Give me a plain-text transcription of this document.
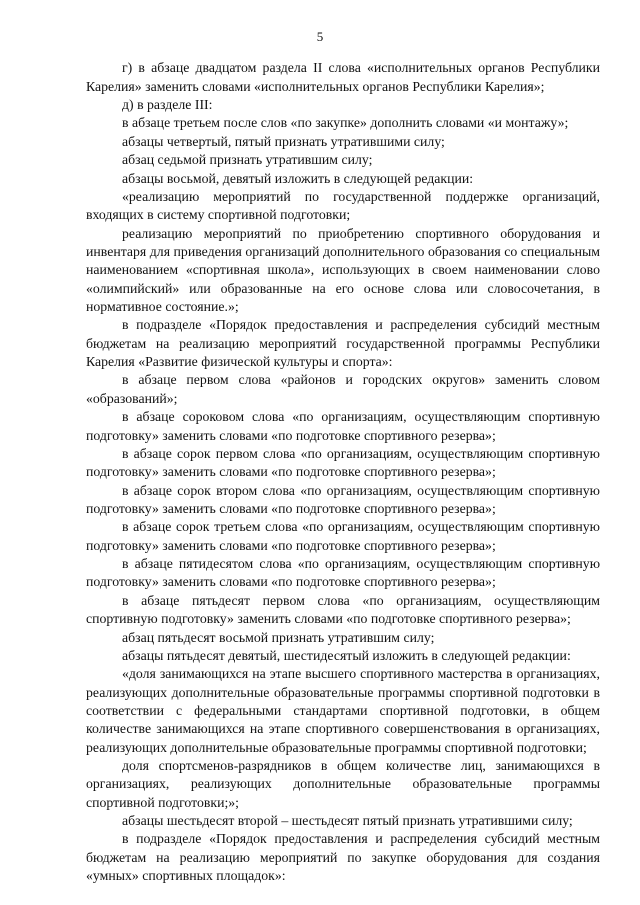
5

г) в абзаце двадцатом раздела II слова «исполнительных органов Республики Карелия» заменить словами «исполнительных органов Республики Карелия»;

д) в разделе III:

в абзаце третьем после слов «по закупке» дополнить словами «и монтажу»;

абзацы четвертый, пятый признать утратившими силу;

абзац седьмой признать утратившим силу;

абзацы восьмой, девятый изложить в следующей редакции:

«реализацию мероприятий по государственной поддержке организаций, входящих в систему спортивной подготовки;

реализацию мероприятий по приобретению спортивного оборудования и инвентаря для приведения организаций дополнительного образования со специальным наименованием «спортивная школа», использующих в своем наименовании слово «олимпийский» или образованные на его основе слова или словосочетания, в нормативное состояние.»;

в подразделе «Порядок предоставления и распределения субсидий местным бюджетам на реализацию мероприятий государственной программы Республики Карелия «Развитие физической культуры и спорта»:

в абзаце первом слова «районов и городских округов» заменить словом «образований»;

в абзаце сороковом слова «по организациям, осуществляющим спортивную подготовку» заменить словами «по подготовке спортивного резерва»;

в абзаце сорок первом слова «по организациям, осуществляющим спортивную подготовку» заменить словами «по подготовке спортивного резерва»;

в абзаце сорок втором слова «по организациям, осуществляющим спортивную подготовку» заменить словами «по подготовке спортивного резерва»;

в абзаце сорок третьем слова «по организациям, осуществляющим спортивную подготовку» заменить словами «по подготовке спортивного резерва»;

в абзаце пятидесятом слова «по организациям, осуществляющим спортивную подготовку» заменить словами «по подготовке спортивного резерва»;

в абзаце пятьдесят первом слова «по организациям, осуществляющим спортивную подготовку» заменить словами «по подготовке спортивного резерва»;

абзац пятьдесят восьмой признать утратившим силу;

абзацы пятьдесят девятый, шестидесятый изложить в следующей редакции:

«доля занимающихся на этапе высшего спортивного мастерства в организациях, реализующих дополнительные образовательные программы спортивной подготовки в соответствии с федеральными стандартами спортивной подготовки, в общем количестве занимающихся на этапе спортивного совершенствования в организациях, реализующих дополнительные образовательные программы спортивной подготовки;

доля спортсменов-разрядников в общем количестве лиц, занимающихся в организациях, реализующих дополнительные образовательные программы спортивной подготовки;»;

абзацы шестьдесят второй – шестьдесят пятый признать утратившими силу;

в подразделе «Порядок предоставления и распределения субсидий местным бюджетам на реализацию мероприятий по закупке оборудования для создания «умных» спортивных площадок»:
